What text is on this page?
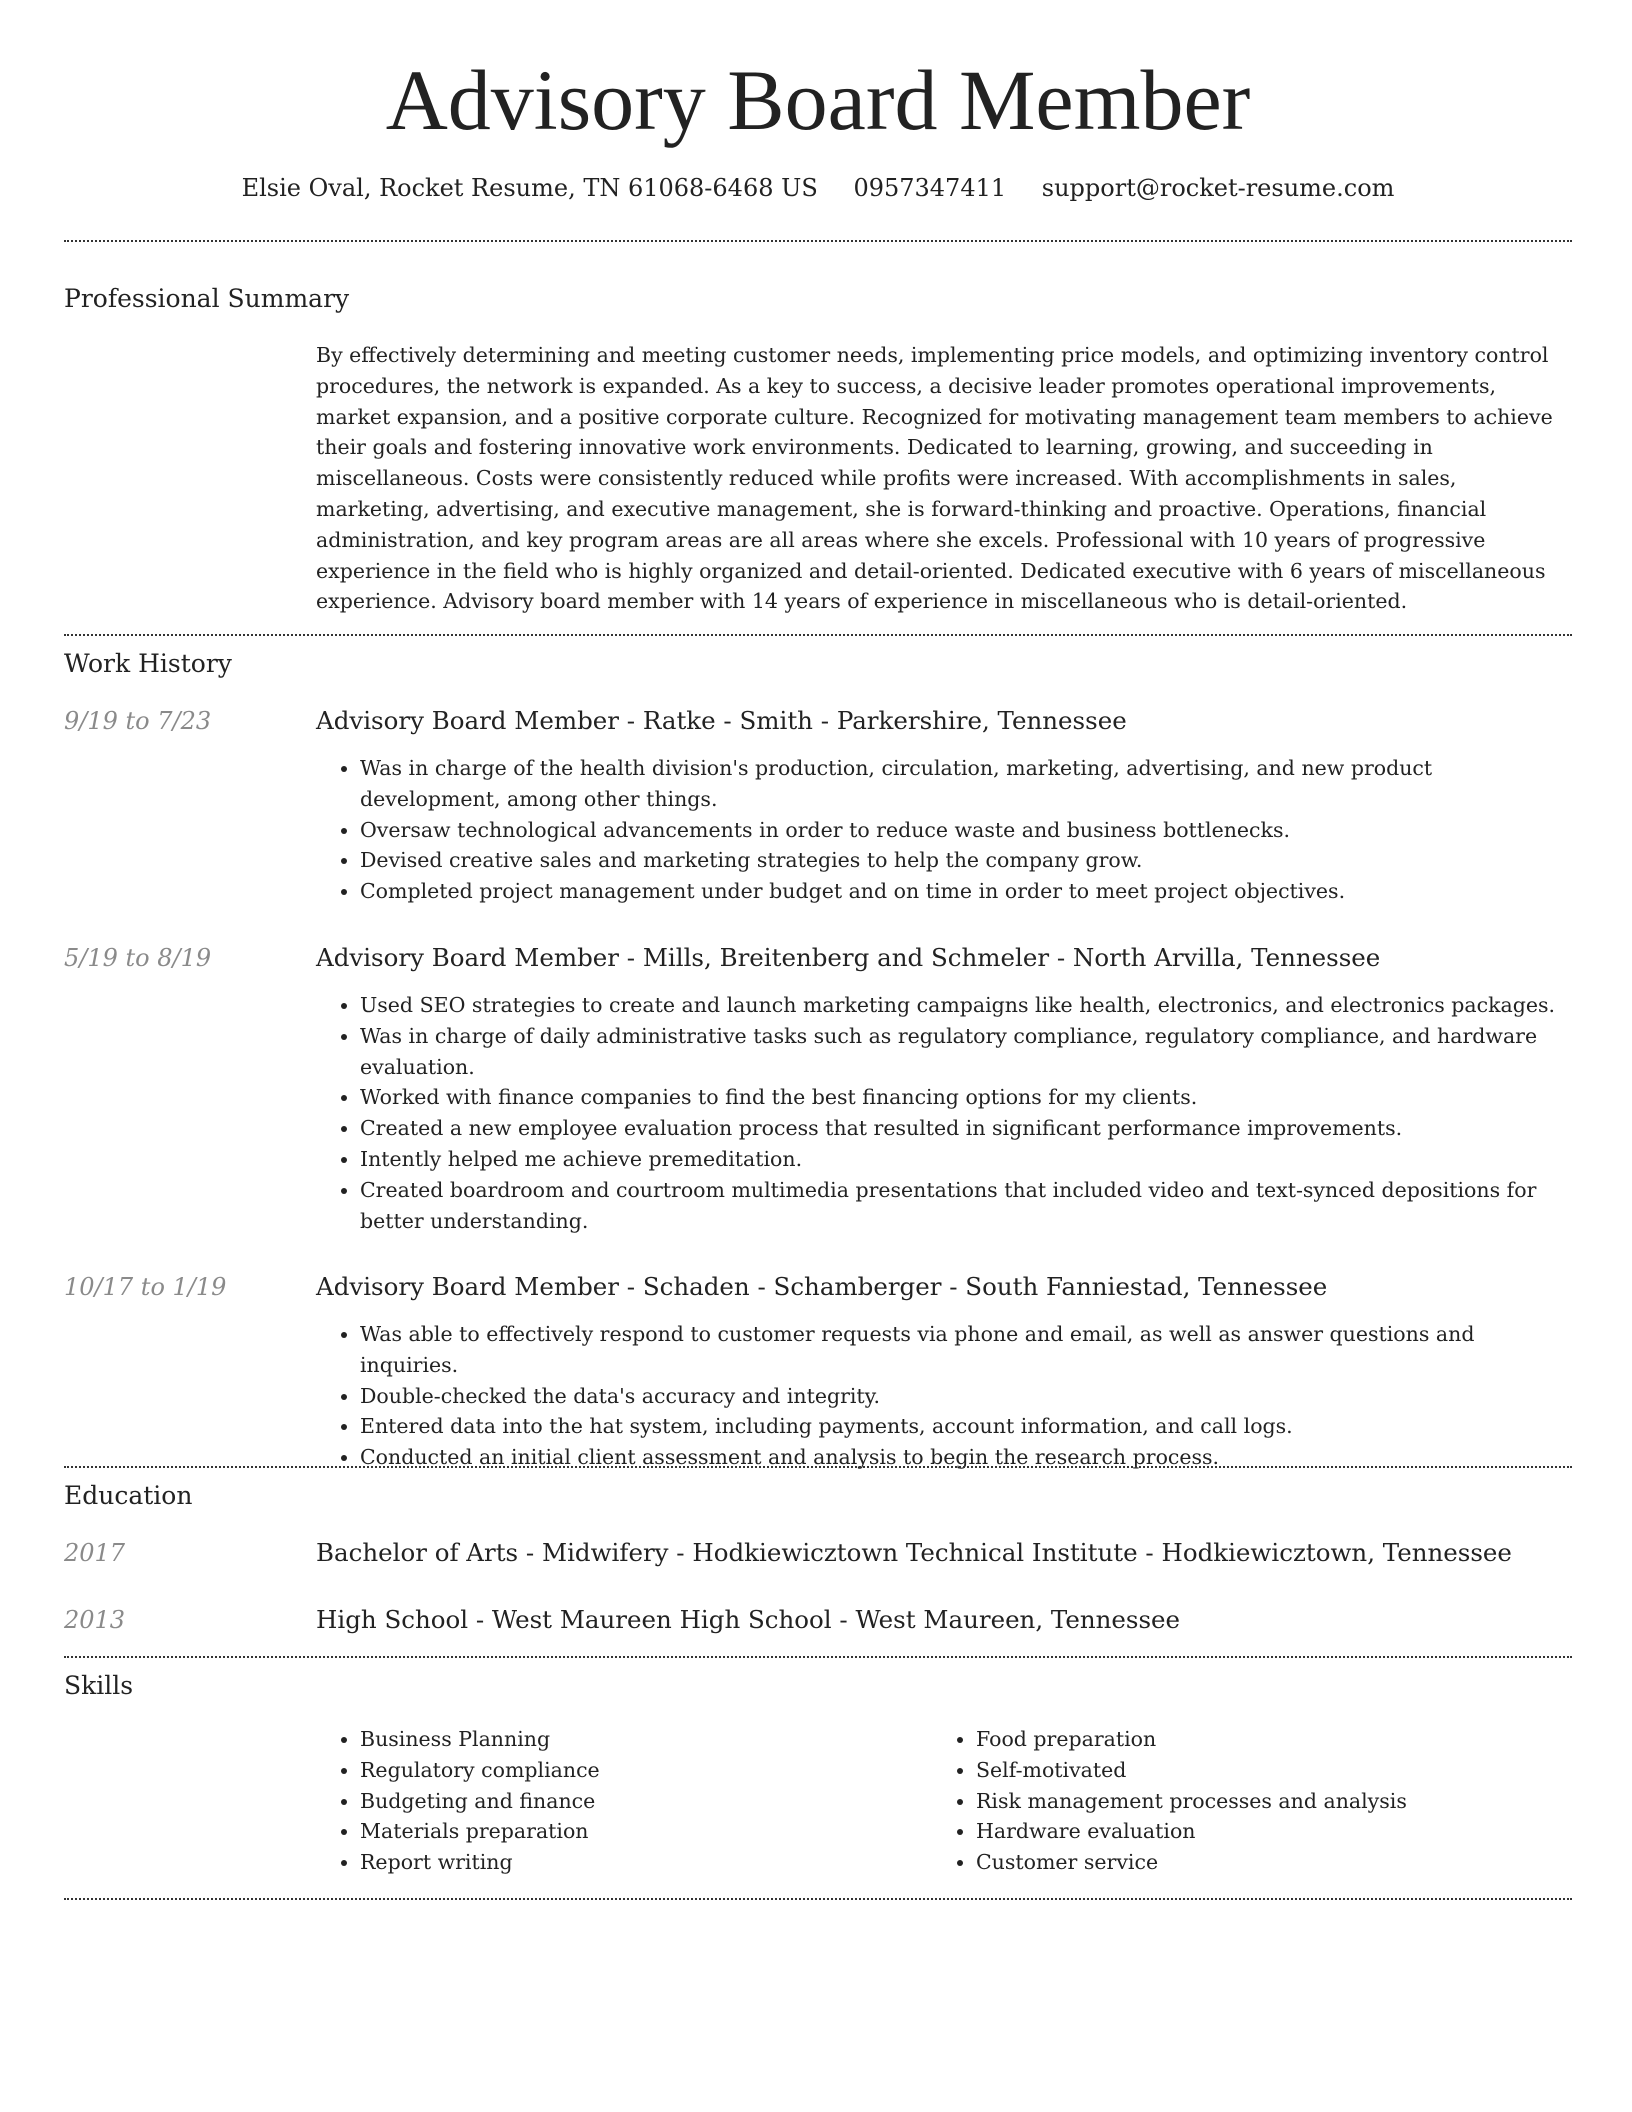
Advisory Board Member
Elsie Oval, Rocket Resume, TN 61068-6468 US 0957347411 support@rocket-resume.com
Professional Summary

By effectively determining and meeting customer needs, implementing price models, and optimizing inventory control procedures, the network is expanded. As a key to success, a decisive leader promotes operational improvements, market expansion, and a positive corporate culture. Recognized for motivating management team members to achieve their goals and fostering innovative work environments. Dedicated to learning, growing, and succeeding in miscellaneous. Costs were consistently reduced while profits were increased. With accomplishments in sales, marketing, advertising, and executive management, she is forward-thinking and proactive. Operations, financial administration, and key program areas are all areas where she excels. Professional with 10 years of progressive experience in the field who is highly organized and detail-oriented. Dedicated executive with 6 years of miscellaneous experience. Advisory board member with 14 years of experience in miscellaneous who is detail-oriented.

Work History
9/19 to 7/23	Advisory Board Member - Ratke - Smith - Parkershire, Tennessee

• Was in charge of the health division's production, circulation, marketing, advertising, and new product development, among other things.
• Oversaw technological advancements in order to reduce waste and business bottlenecks.
• Devised creative sales and marketing strategies to help the company grow.
• Completed project management under budget and on time in order to meet project objectives.
5/19 to 8/19	Advisory Board Member - Mills, Breitenberg and Schmeler - North Arvilla, Tennessee

• Used SEO strategies to create and launch marketing campaigns like health, electronics, and electronics packages.
• Was in charge of daily administrative tasks such as regulatory compliance, regulatory compliance, and hardware evaluation.
• Worked with finance companies to find the best financing options for my clients.
• Created a new employee evaluation process that resulted in significant performance improvements.
• Intently helped me achieve premeditation.
• Created boardroom and courtroom multimedia presentations that included video and text-synced depositions for better understanding.
10/17 to 1/19	Advisory Board Member - Schaden - Schamberger - South Fanniestad, Tennessee

• Was able to effectively respond to customer requests via phone and email, as well as answer questions and inquiries.
• Double-checked the data's accuracy and integrity.
• Entered data into the hat system, including payments, account information, and call logs.
• Conducted an initial client assessment and analysis to begin the research process.
Education
2017	Bachelor of Arts - Midwifery - Hodkiewicztown Technical Institute - Hodkiewicztown, Tennessee

2013	High School - West Maureen High School - West Maureen, Tennessee

Skills
• Business Planning
• Regulatory compliance
• Budgeting and finance
• Materials preparation
• Report writing
• Food preparation
• Self-motivated
• Risk management processes and analysis
• Hardware evaluation
• Customer service
